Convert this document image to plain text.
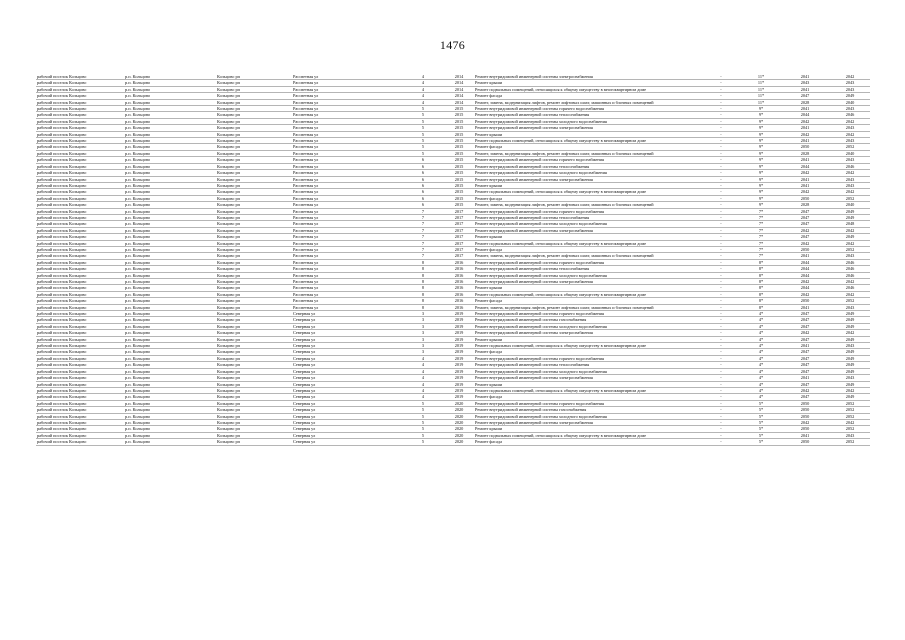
1476
рабочий поселок Кольцово	р.п. Кольцово	Кольцово рп	Рассветная ул	4	2014	Ремонт внутридомовой инженерной системы электроснабжения	-	11*	2041	2042
рабочий поселок Кольцово	р.п. Кольцово	Кольцово рп	Рассветная ул	4	2014	Ремонт крыши	-	11*	2043	2043
рабочий поселок Кольцово	р.п. Кольцово	Кольцово рп	Рассветная ул	4	2014	Ремонт подвальных помещений, относящихся к общему имуществу в многоквартирном доме	-	11*	2041	2043
рабочий поселок Кольцово	р.п. Кольцово	Кольцово рп	Рассветная ул	4	2014	Ремонт фасада	-	11*	2047	2049
рабочий поселок Кольцово	р.п. Кольцово	Кольцово рп	Рассветная ул	4	2014	Ремонт, замена, модернизация лифтов, ремонт лифтовых шахт, машинных и блочных помещений	-	11*	2028	2040
рабочий поселок Кольцово	р.п. Кольцово	Кольцово рп	Рассветная ул	5	2015	Ремонт внутридомовой инженерной системы горячего водоснабжения	-	9*	2041	2043
рабочий поселок Кольцово	р.п. Кольцово	Кольцово рп	Рассветная ул	5	2015	Ремонт внутридомовой инженерной системы теплоснабжения	-	9*	2044	2046
рабочий поселок Кольцово	р.п. Кольцово	Кольцово рп	Рассветная ул	5	2015	Ремонт внутридомовой инженерной системы холодного водоснабжения	-	9*	2042	2042
рабочий поселок Кольцово	р.п. Кольцово	Кольцово рп	Рассветная ул	5	2015	Ремонт внутридомовой инженерной системы электроснабжения	-	9*	2041	2043
рабочий поселок Кольцово	р.п. Кольцово	Кольцово рп	Рассветная ул	5	2015	Ремонт крыши	-	9*	2042	2042
рабочий поселок Кольцово	р.п. Кольцово	Кольцово рп	Рассветная ул	5	2015	Ремонт подвальных помещений, относящихся к общему имуществу в многоквартирном доме	-	9*	2041	2043
рабочий поселок Кольцово	р.п. Кольцово	Кольцово рп	Рассветная ул	5	2015	Ремонт фасада	-	9*	2050	2052
рабочий поселок Кольцово	р.п. Кольцово	Кольцово рп	Рассветная ул	5	2015	Ремонт, замена, модернизация лифтов, ремонт лифтовых шахт, машинных и блочных помещений	-	9*	2028	2040
рабочий поселок Кольцово	р.п. Кольцово	Кольцово рп	Рассветная ул	6	2015	Ремонт внутридомовой инженерной системы горячего водоснабжения	-	9*	2041	2043
рабочий поселок Кольцово	р.п. Кольцово	Кольцово рп	Рассветная ул	6	2015	Ремонт внутридомовой инженерной системы теплоснабжения	-	9*	2044	2046
рабочий поселок Кольцово	р.п. Кольцово	Кольцово рп	Рассветная ул	6	2015	Ремонт внутридомовой инженерной системы холодного водоснабжения	-	9*	2042	2042
рабочий поселок Кольцово	р.п. Кольцово	Кольцово рп	Рассветная ул	6	2015	Ремонт внутридомовой инженерной системы электроснабжения	-	9*	2041	2043
рабочий поселок Кольцово	р.п. Кольцово	Кольцово рп	Рассветная ул	6	2015	Ремонт крыши	-	9*	2041	2043
рабочий поселок Кольцово	р.п. Кольцово	Кольцово рп	Рассветная ул	6	2015	Ремонт подвальных помещений, относящихся к общему имуществу в многоквартирном доме	-	9*	2042	2042
рабочий поселок Кольцово	р.п. Кольцово	Кольцово рп	Рассветная ул	6	2015	Ремонт фасада	-	9*	2050	2052
рабочий поселок Кольцово	р.п. Кольцово	Кольцово рп	Рассветная ул	6	2015	Ремонт, замена, модернизация лифтов, ремонт лифтовых шахт, машинных и блочных помещений	-	9*	2028	2040
рабочий поселок Кольцово	р.п. Кольцово	Кольцово рп	Рассветная ул	7	2017	Ремонт внутридомовой инженерной системы горячего водоснабжения	-	7*	2047	2049
рабочий поселок Кольцово	р.п. Кольцово	Кольцово рп	Рассветная ул	7	2017	Ремонт внутридомовой инженерной системы теплоснабжения	-	7*	2047	2049
рабочий поселок Кольцово	р.п. Кольцово	Кольцово рп	Рассветная ул	7	2017	Ремонт внутридомовой инженерной системы холодного водоснабжения	-	7*	2047	2048
рабочий поселок Кольцово	р.п. Кольцово	Кольцово рп	Рассветная ул	7	2017	Ремонт внутридомовой инженерной системы электроснабжения	-	7*	2042	2042
рабочий поселок Кольцово	р.п. Кольцово	Кольцово рп	Рассветная ул	7	2017	Ремонт крыши	-	7*	2047	2049
рабочий поселок Кольцово	р.п. Кольцово	Кольцово рп	Рассветная ул	7	2017	Ремонт подвальных помещений, относящихся к общему имуществу в многоквартирном доме	-	7*	2042	2042
рабочий поселок Кольцово	р.п. Кольцово	Кольцово рп	Рассветная ул	7	2017	Ремонт фасада	-	7*	2050	2052
рабочий поселок Кольцово	р.п. Кольцово	Кольцово рп	Рассветная ул	7	2017	Ремонт, замена, модернизация лифтов, ремонт лифтовых шахт, машинных и блочных помещений	-	7*	2041	2043
рабочий поселок Кольцово	р.п. Кольцово	Кольцово рп	Рассветная ул	8	2016	Ремонт внутридомовой инженерной системы горячего водоснабжения	-	8*	2044	2046
рабочий поселок Кольцово	р.п. Кольцово	Кольцово рп	Рассветная ул	8	2016	Ремонт внутридомовой инженерной системы теплоснабжения	-	8*	2044	2046
рабочий поселок Кольцово	р.п. Кольцово	Кольцово рп	Рассветная ул	8	2016	Ремонт внутридомовой инженерной системы холодного водоснабжения	-	8*	2044	2046
рабочий поселок Кольцово	р.п. Кольцово	Кольцово рп	Рассветная ул	8	2016	Ремонт внутридомовой инженерной системы электроснабжения	-	8*	2042	2042
рабочий поселок Кольцово	р.п. Кольцово	Кольцово рп	Рассветная ул	8	2016	Ремонт крыши	-	8*	2044	2046
рабочий поселок Кольцово	р.п. Кольцово	Кольцово рп	Рассветная ул	8	2016	Ремонт подвальных помещений, относящихся к общему имуществу в многоквартирном доме	-	8*	2042	2042
рабочий поселок Кольцово	р.п. Кольцово	Кольцово рп	Рассветная ул	8	2016	Ремонт фасада	-	8*	2050	2052
рабочий поселок Кольцово	р.п. Кольцово	Кольцово рп	Рассветная ул	8	2016	Ремонт, замена, модернизация лифтов, ремонт лифтовых шахт, машинных и блочных помещений	-	8*	2041	2043
рабочий поселок Кольцово	р.п. Кольцово	Кольцово рп	Северная ул	3	2019	Ремонт внутридомовой инженерной системы горячего водоснабжения	-	4*	2047	2049
рабочий поселок Кольцово	р.п. Кольцово	Кольцово рп	Северная ул	3	2019	Ремонт внутридомовой инженерной системы газоснабжения	-	4*	2047	2049
рабочий поселок Кольцово	р.п. Кольцово	Кольцово рп	Северная ул	3	2019	Ремонт внутридомовой инженерной системы холодного водоснабжения	-	4*	2047	2049
рабочий поселок Кольцово	р.п. Кольцово	Кольцово рп	Северная ул	3	2019	Ремонт внутридомовой инженерной системы электроснабжения	-	4*	2042	2042
рабочий поселок Кольцово	р.п. Кольцово	Кольцово рп	Северная ул	3	2019	Ремонт крыши	-	4*	2047	2049
рабочий поселок Кольцово	р.п. Кольцово	Кольцово рп	Северная ул	3	2019	Ремонт подвальных помещений, относящихся к общему имуществу в многоквартирном доме	-	4*	2041	2043
рабочий поселок Кольцово	р.п. Кольцово	Кольцово рп	Северная ул	3	2019	Ремонт фасада	-	4*	2047	2049
рабочий поселок Кольцово	р.п. Кольцово	Кольцово рп	Северная ул	4	2019	Ремонт внутридомовой инженерной системы горячего водоснабжения	-	4*	2047	2049
рабочий поселок Кольцово	р.п. Кольцово	Кольцово рп	Северная ул	4	2019	Ремонт внутридомовой инженерной системы теплоснабжения	-	4*	2047	2049
рабочий поселок Кольцово	р.п. Кольцово	Кольцово рп	Северная ул	4	2019	Ремонт внутридомовой инженерной системы холодного водоснабжения	-	4*	2047	2049
рабочий поселок Кольцово	р.п. Кольцово	Кольцово рп	Северная ул	4	2019	Ремонт внутридомовой инженерной системы электроснабжения	-	4*	2041	2043
рабочий поселок Кольцово	р.п. Кольцово	Кольцово рп	Северная ул	4	2019	Ремонт крыши	-	4*	2047	2049
рабочий поселок Кольцово	р.п. Кольцово	Кольцово рп	Северная ул	4	2019	Ремонт подвальных помещений, относящихся к общему имуществу в многоквартирном доме	-	4*	2042	2042
рабочий поселок Кольцово	р.п. Кольцово	Кольцово рп	Северная ул	4	2019	Ремонт фасада	-	4*	2047	2049
рабочий поселок Кольцово	р.п. Кольцово	Кольцово рп	Северная ул	5	2020	Ремонт внутридомовой инженерной системы горячего водоснабжения	-	5*	2050	2052
рабочий поселок Кольцово	р.п. Кольцово	Кольцово рп	Северная ул	5	2020	Ремонт внутридомовой инженерной системы газоснабжения	-	5*	2050	2052
рабочий поселок Кольцово	р.п. Кольцово	Кольцово рп	Северная ул	5	2020	Ремонт внутридомовой инженерной системы холодного водоснабжения	-	5*	2050	2052
рабочий поселок Кольцово	р.п. Кольцово	Кольцово рп	Северная ул	5	2020	Ремонт внутридомовой инженерной системы электроснабжения	-	5*	2042	2042
рабочий поселок Кольцово	р.п. Кольцово	Кольцово рп	Северная ул	5	2020	Ремонт крыши	-	5*	2050	2052
рабочий поселок Кольцово	р.п. Кольцово	Кольцово рп	Северная ул	5	2020	Ремонт подвальных помещений, относящихся к общему имуществу в многоквартирном доме	-	5*	2041	2043
рабочий поселок Кольцово	р.п. Кольцово	Кольцово рп	Северная ул	5	2020	Ремонт фасада	-	5*	2050	2052
